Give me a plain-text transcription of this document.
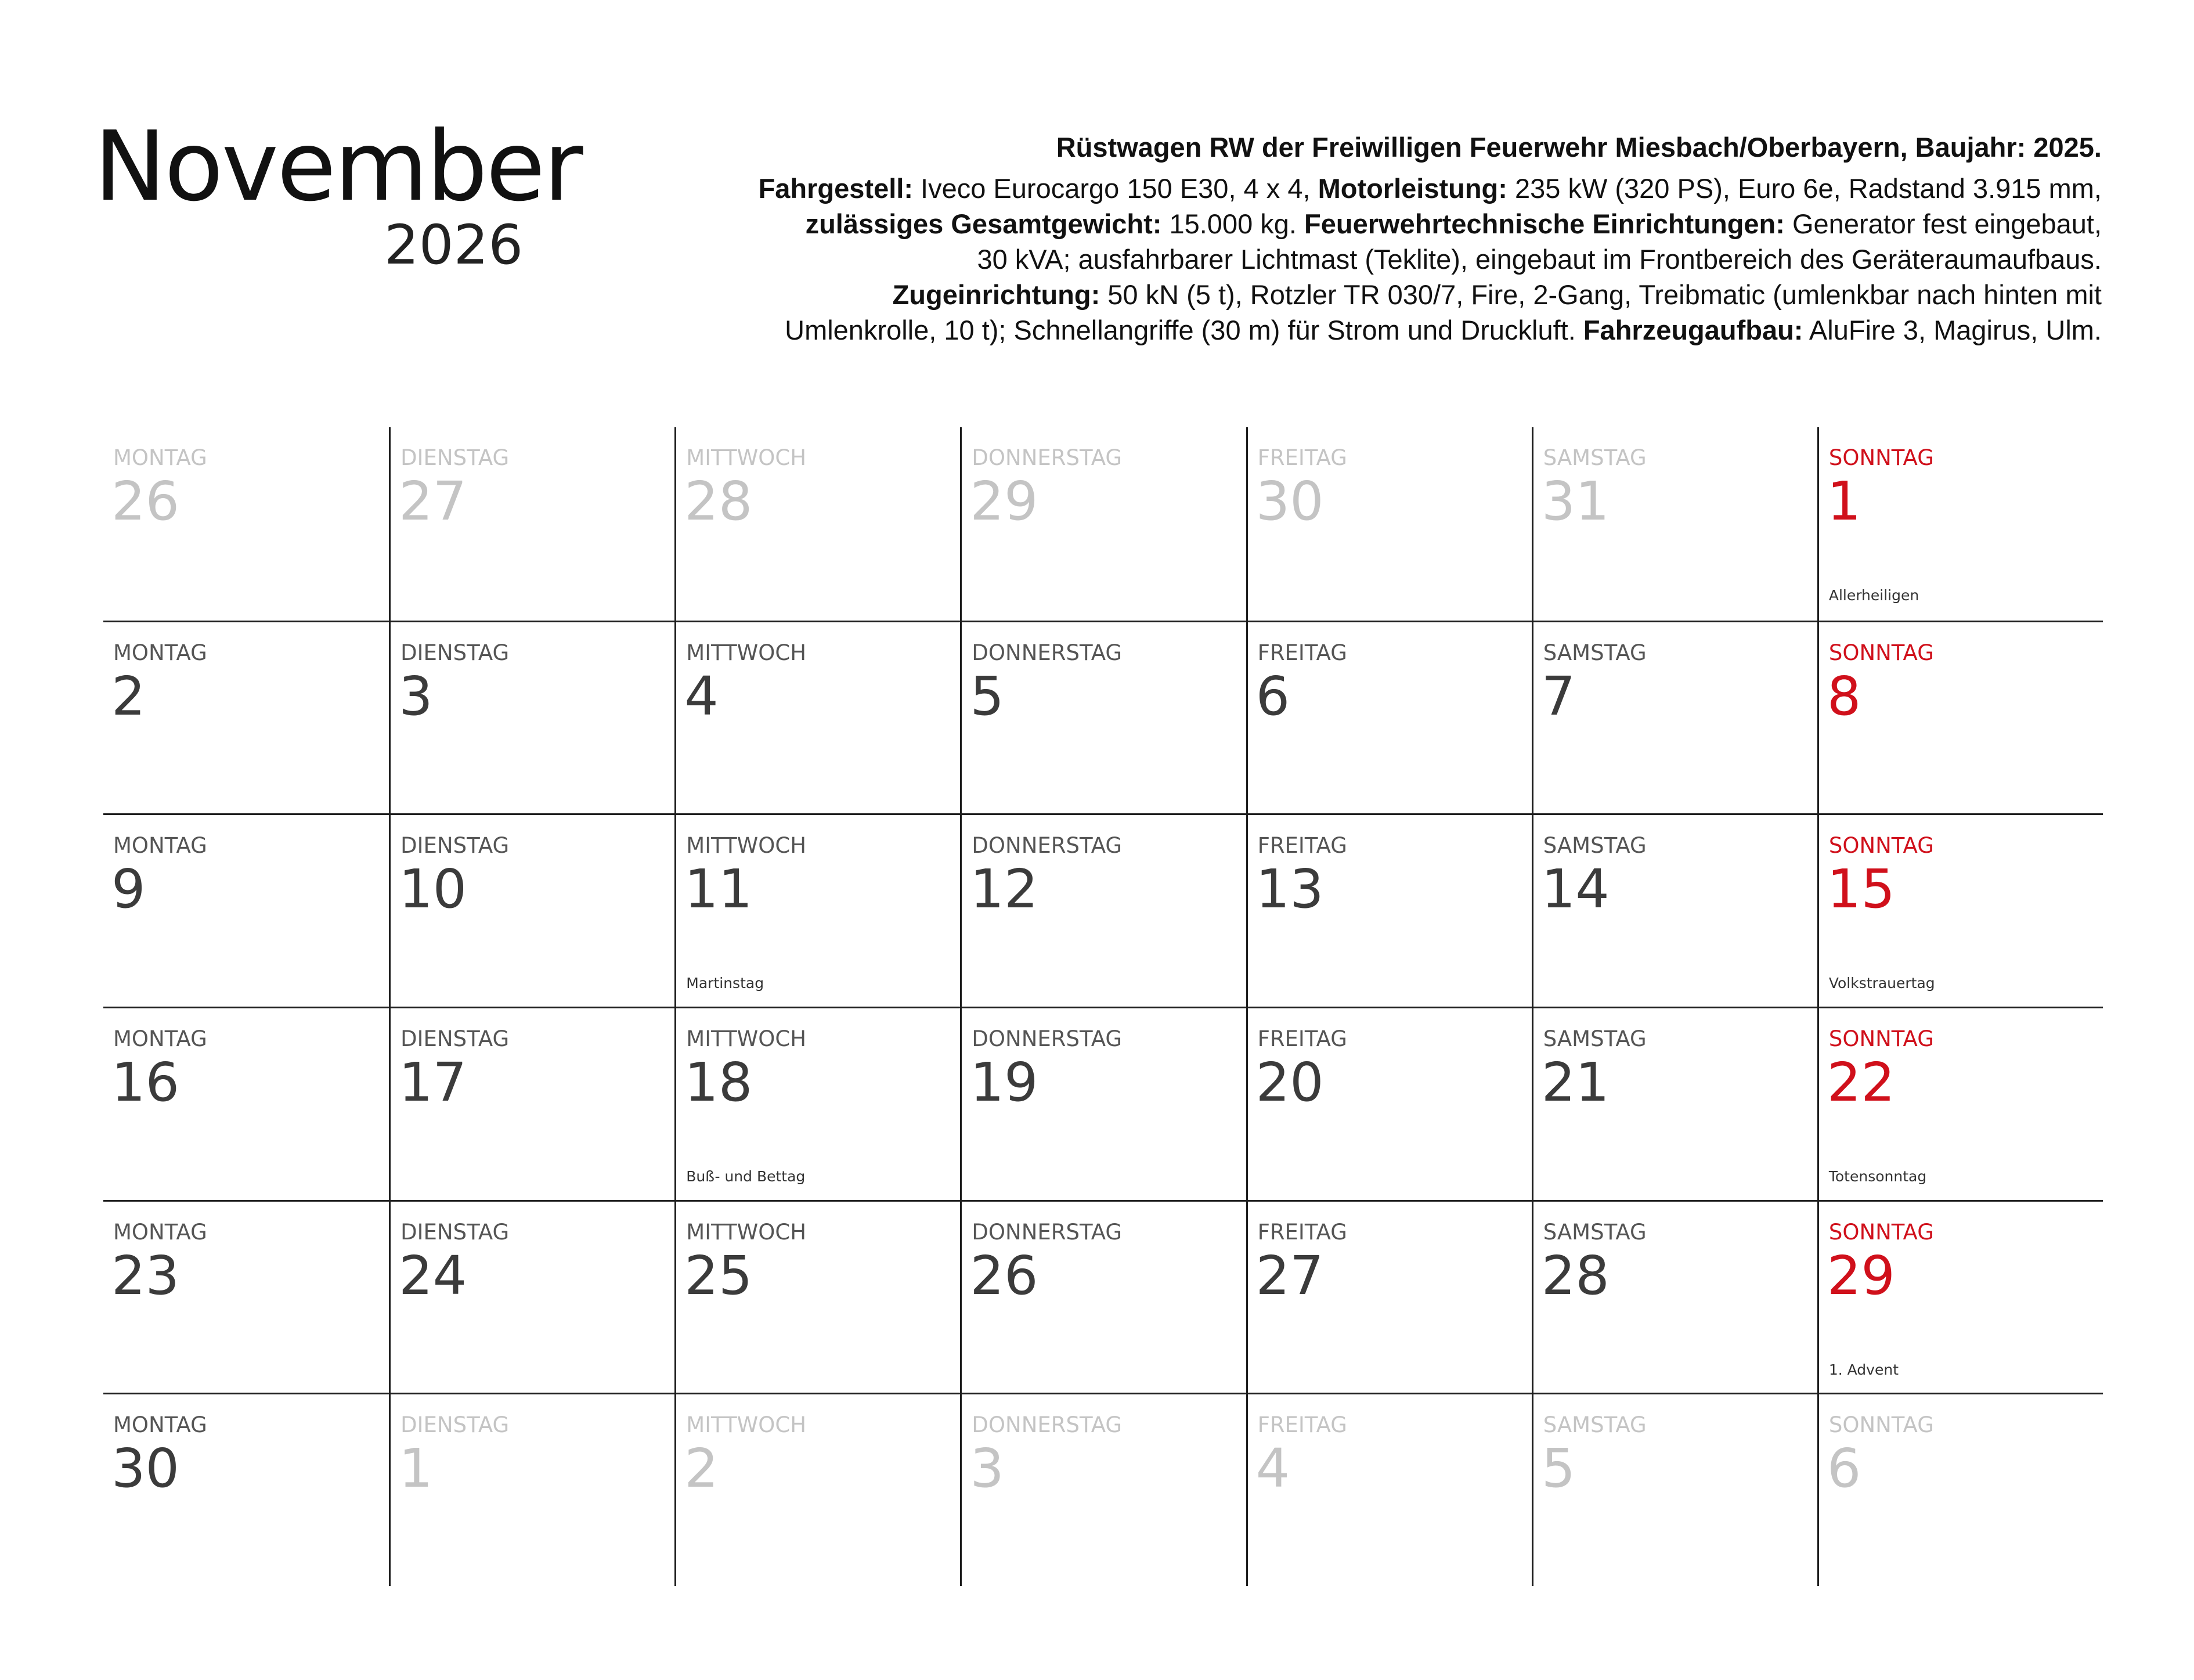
November
2026
Rüstwagen RW der Freiwilligen Feuerwehr Miesbach/Oberbayern, Baujahr: 2025.
Fahrgestell: Iveco Eurocargo 150 E30, 4 x 4, Motorleistung: 235 kW (320 PS), Euro 6e, Radstand 3.915 mm,
zulässiges Gesamtgewicht: 15.000 kg. Feuerwehrtechnische Einrichtungen: Generator fest eingebaut,
30 kVA; ausfahrbarer Lichtmast (Teklite), eingebaut im Frontbereich des Geräteraumaufbaus.
Zugeinrichtung: 50 kN (5 t), Rotzler TR 030/7, Fire, 2-Gang, Treibmatic (umlenkbar nach hinten mit
Umlenkrolle, 10 t); Schnellangriffe (30 m) für Strom und Druckluft. Fahrzeugaufbau: AluFire 3, Magirus, Ulm.
MONTAG
26
DIENSTAG
27
MITTWOCH
28
DONNERSTAG
29
FREITAG
30
SAMSTAG
31
SONNTAG
1
Allerheiligen
MONTAG
2
DIENSTAG
3
MITTWOCH
4
DONNERSTAG
5
FREITAG
6
SAMSTAG
7
SONNTAG
8
MONTAG
9
DIENSTAG
10
MITTWOCH
11
Martinstag
DONNERSTAG
12
FREITAG
13
SAMSTAG
14
SONNTAG
15
Volkstrauertag
MONTAG
16
DIENSTAG
17
MITTWOCH
18
Buß- und Bettag
DONNERSTAG
19
FREITAG
20
SAMSTAG
21
SONNTAG
22
Totensonntag
MONTAG
23
DIENSTAG
24
MITTWOCH
25
DONNERSTAG
26
FREITAG
27
SAMSTAG
28
SONNTAG
29
1. Advent
MONTAG
30
DIENSTAG
1
MITTWOCH
2
DONNERSTAG
3
FREITAG
4
SAMSTAG
5
SONNTAG
6
